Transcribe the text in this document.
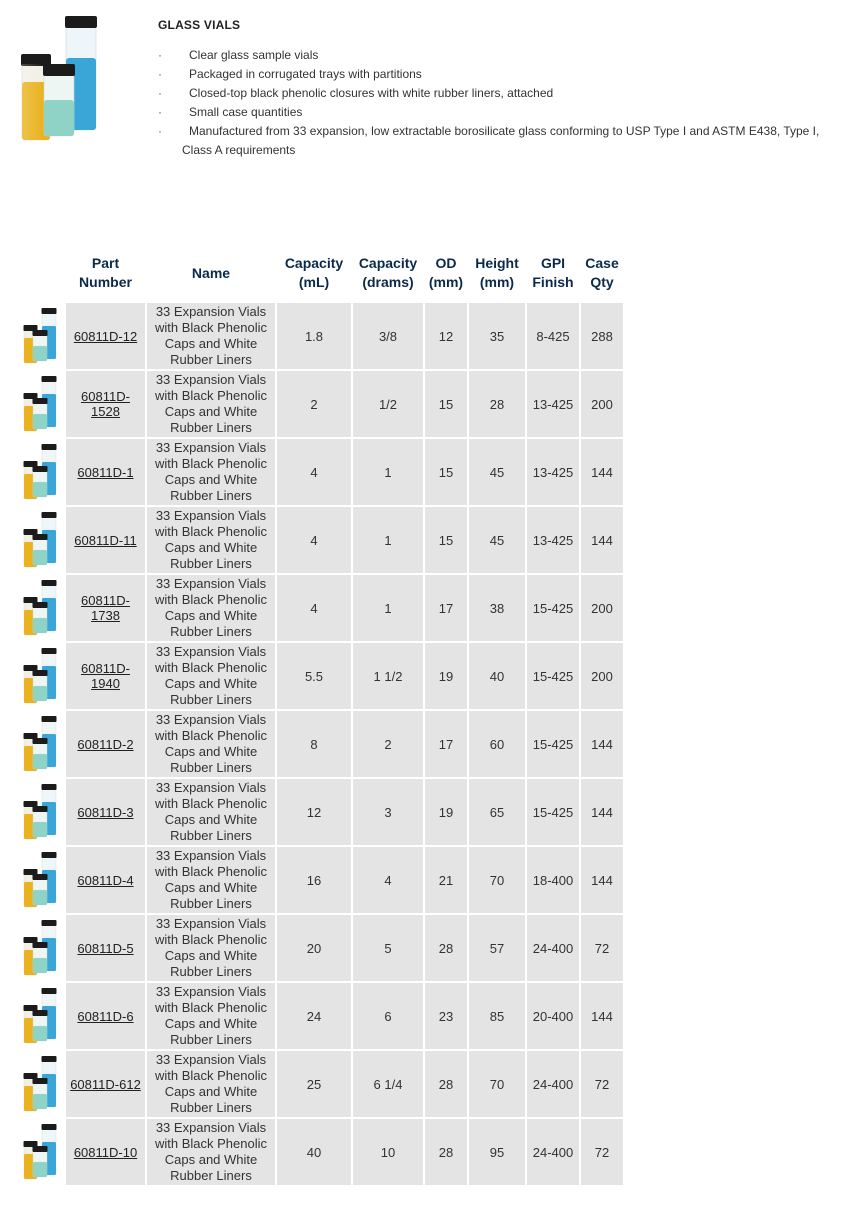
GLASS VIALS
·	Clear glass sample vials
·	Packaged in corrugated trays with partitions
·	Closed-top black phenolic closures with white rubber liners, attached
·	Small case quantities
·	Manufactured from 33 expansion, low extractable borosilicate glass conforming to USP Type I and ASTM E438, Type I,
Class A requirements
	Part
Number	Name	Capacity
(mL)	Capacity
(drams)	OD
(mm)	Height
(mm)	GPI
Finish	Case
Qty

	60811D-12	33 Expansion Vials
with Black Phenolic
Caps and White
Rubber Liners	1.8	3/8	12	35	8-425	288

	60811D-1528	33 Expansion Vials
with Black Phenolic
Caps and White
Rubber Liners	2	1/2	15	28	13-425	200

	60811D-1	33 Expansion Vials
with Black Phenolic
Caps and White
Rubber Liners	4	1	15	45	13-425	144

	60811D-11	33 Expansion Vials
with Black Phenolic
Caps and White
Rubber Liners	4	1	15	45	13-425	144

	60811D-1738	33 Expansion Vials
with Black Phenolic
Caps and White
Rubber Liners	4	1	17	38	15-425	200

	60811D-1940	33 Expansion Vials
with Black Phenolic
Caps and White
Rubber Liners	5.5	1 1/2	19	40	15-425	200

	60811D-2	33 Expansion Vials
with Black Phenolic
Caps and White
Rubber Liners	8	2	17	60	15-425	144

	60811D-3	33 Expansion Vials
with Black Phenolic
Caps and White
Rubber Liners	12	3	19	65	15-425	144

	60811D-4	33 Expansion Vials
with Black Phenolic
Caps and White
Rubber Liners	16	4	21	70	18-400	144

	60811D-5	33 Expansion Vials
with Black Phenolic
Caps and White
Rubber Liners	20	5	28	57	24-400	72

	60811D-6	33 Expansion Vials
with Black Phenolic
Caps and White
Rubber Liners	24	6	23	85	20-400	144

	60811D-612	33 Expansion Vials
with Black Phenolic
Caps and White
Rubber Liners	25	6 1/4	28	70	24-400	72

	60811D-10	33 Expansion Vials
with Black Phenolic
Caps and White
Rubber Liners	40	10	28	95	24-400	72
